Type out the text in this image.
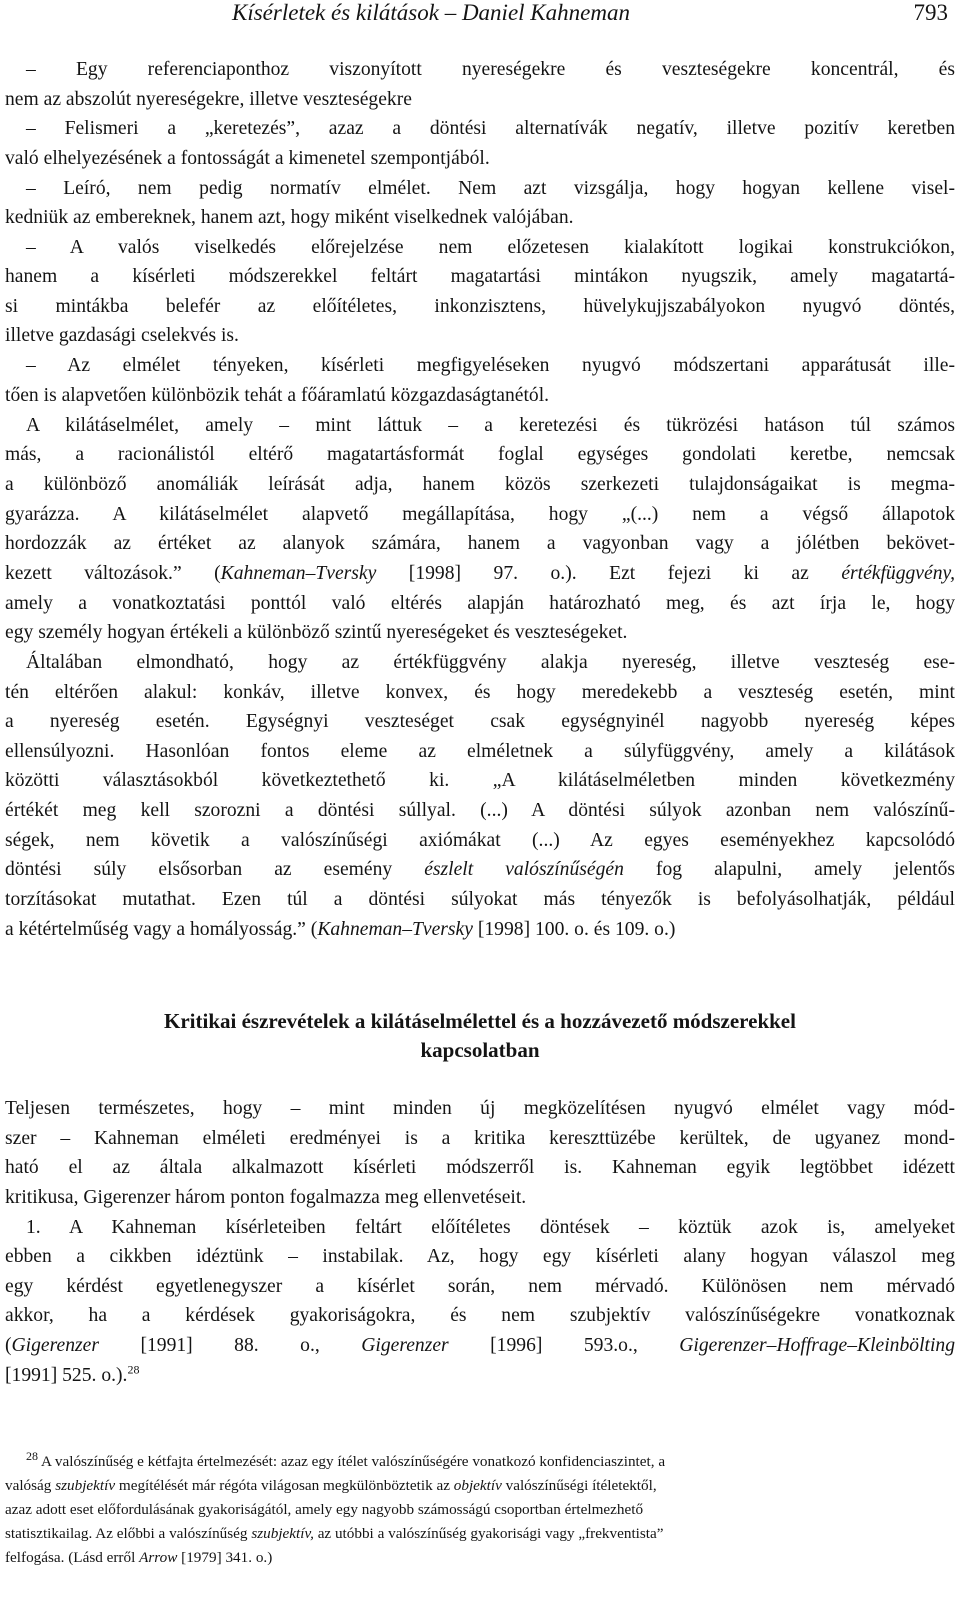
Kísérletek és kilátások – Daniel Kahneman	793
– Egy referenciaponthoz viszonyított nyereségekre és veszteségekre koncentrál, és
nem az abszolút nyereségekre, illetve veszteségekre
– Felismeri a „keretezés”, azaz a döntési alternatívák negatív, illetve pozitív keretben
való elhelyezésének a fontosságát a kimenetel szempontjából.
– Leíró, nem pedig normatív elmélet. Nem azt vizsgálja, hogy hogyan kellene visel-
kedniük az embereknek, hanem azt, hogy miként viselkednek valójában.
– A valós viselkedés előrejelzése nem előzetesen kialakított logikai konstrukciókon,
hanem a kísérleti módszerekkel feltárt magatartási mintákon nyugszik, amely magatartá-
si mintákba belefér az előítéletes, inkonzisztens, hüvelykujjszabályokon nyugvó döntés,
illetve gazdasági cselekvés is.
– Az elmélet tényeken, kísérleti megfigyeléseken nyugvó módszertani apparátusát ille-
tően is alapvetően különbözik tehát a főáramlatú közgazdaságtanétól.
A kilátáselmélet, amely – mint láttuk – a keretezési és tükrözési hatáson túl számos
más, a racionálistól eltérő magatartásformát foglal egységes gondolati keretbe, nemcsak
a különböző anomáliák leírását adja, hanem közös szerkezeti tulajdonságaikat is megma-
gyarázza. A kilátáselmélet alapvető megállapítása, hogy „(...) nem a végső állapotok
hordozzák az értéket az alanyok számára, hanem a vagyonban vagy a jólétben bekövet-
kezett változások.” (Kahneman–Tversky [1998] 97. o.). Ezt fejezi ki az értékfüggvény,
amely a vonatkoztatási ponttól való eltérés alapján határozható meg, és azt írja le, hogy
egy személy hogyan értékeli a különböző szintű nyereségeket és veszteségeket.
Általában elmondható, hogy az értékfüggvény alakja nyereség, illetve veszteség ese-
tén eltérően alakul: konkáv, illetve konvex, és hogy meredekebb a veszteség esetén, mint
a nyereség esetén. Egységnyi veszteséget csak egységnyinél nagyobb nyereség képes
ellensúlyozni. Hasonlóan fontos eleme az elméletnek a súlyfüggvény, amely a kilátások
közötti választásokból következtethető ki. „A kilátáselméletben minden következmény
értékét meg kell szorozni a döntési súllyal. (...) A döntési súlyok azonban nem valószínű-
ségek, nem követik a valószínűségi axiómákat (...) Az egyes eseményekhez kapcsolódó
döntési súly elsősorban az esemény észlelt valószínűségén fog alapulni, amely jelentős
torzításokat mutathat. Ezen túl a döntési súlyokat más tényezők is befolyásolhatják, például
a kétértelműség vagy a homályosság.” (Kahneman–Tversky [1998] 100. o. és 109. o.)
Kritikai észrevételek a kilátáselmélettel és a hozzávezető módszerekkel
kapcsolatban
Teljesen természetes, hogy – mint minden új megközelítésen nyugvó elmélet vagy mód-
szer – Kahneman elméleti eredményei is a kritika kereszttüzébe kerültek, de ugyanez mond-
ható el az általa alkalmazott kísérleti módszerről is. Kahneman egyik legtöbbet idézett
kritikusa, Gigerenzer három ponton fogalmazza meg ellenvetéseit.
1. A Kahneman kísérleteiben feltárt előítéletes döntések – köztük azok is, amelyeket
ebben a cikkben idéztünk – instabilak. Az, hogy egy kísérleti alany hogyan válaszol meg
egy kérdést egyetlenegyszer a kísérlet során, nem mérvadó. Különösen nem mérvadó
akkor, ha a kérdések gyakoriságokra, és nem szubjektív valószínűségekre vonatkoznak
(Gigerenzer [1991] 88. o., Gigerenzer [1996] 593.o., Gigerenzer–Hoffrage–Kleinbölting
[1991] 525. o.).$^{28}$
$^{28}$ A valószínűség e kétfajta értelmezését: azaz egy ítélet valószínűségére vonatkozó konfidenciaszintet, a
valóság szubjektív megítélését már régóta világosan megkülönböztetik az objektív valószínűségi ítéletektől,
azaz adott eset előfordulásának gyakoriságától, amely egy nagyobb számosságú csoportban értelmezhető
statisztikailag. Az előbbi a valószínűség szubjektív, az utóbbi a valószínűség gyakorisági vagy „frekventista”
felfogása. (Lásd erről Arrow [1979] 341. o.)
